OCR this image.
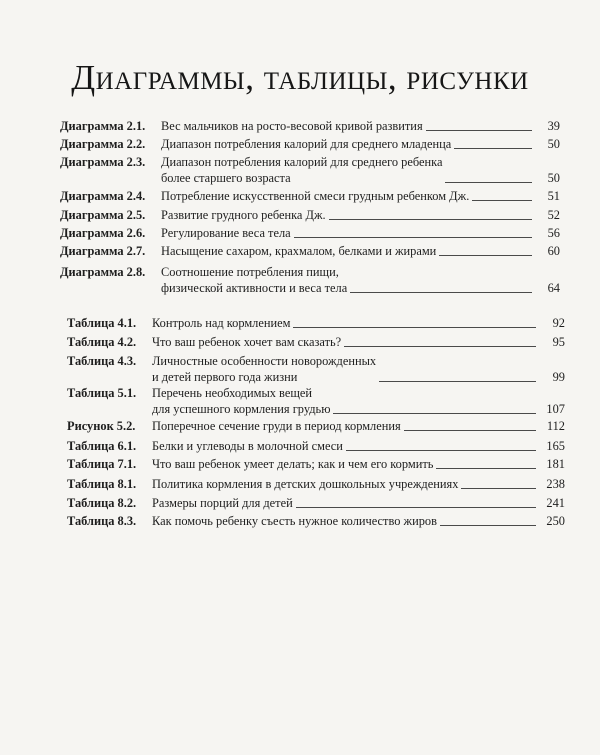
Диаграммы, таблицы, рисунки
Диаграмма 2.1. Вес мальчиков на росто-весовой кривой развития	39
Диаграмма 2.2. Диапазон потребления калорий для среднего младенца	50
Диаграмма 2.3. Диапазон потребления калорий для среднего ребенка
более старшего возраста	50
Диаграмма 2.4. Потребление искусственной смеси грудным ребенком Дж.	51
Диаграмма 2.5. Развитие грудного ребенка Дж.	52
Диаграмма 2.6. Регулирование веса тела	56
Диаграмма 2.7. Насыщение сахаром, крахмалом, белками и жирами	60
Диаграмма 2.8. Соотношение потребления пищи,
физической активности и веса тела	64
Таблица 4.1. Контроль над кормлением	92
Таблица 4.2. Что ваш ребенок хочет вам сказать?	95
Таблица 4.3. Личностные особенности новорожденных
и детей первого года жизни	99
Таблица 5.1. Перечень необходимых вещей
для успешного кормления грудью	107
Рисунок 5.2. Поперечное сечение груди в период кормления	112
Таблица 6.1. Белки и углеводы в молочной смеси	165
Таблица 7.1. Что ваш ребенок умеет делать; как и чем его кормить	181
Таблица 8.1. Политика кормления в детских дошкольных учреждениях	238
Таблица 8.2. Размеры порций для детей	241
Таблица 8.3. Как помочь ребенку съесть нужное количество жиров	250
